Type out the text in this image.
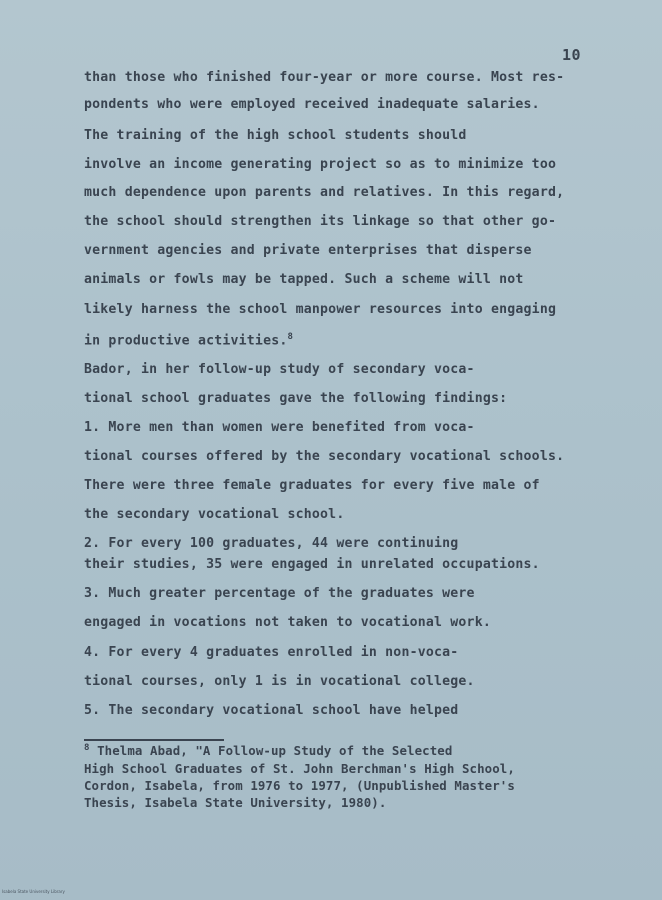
10
than those who finished four-year or more course. Most res-
pondents who were employed received inadequate salaries.
The training of the high school students should
involve an income generating project so as to minimize too
much dependence upon parents and relatives. In this regard,
the school should strengthen its linkage so that other go-
vernment agencies and private enterprises that disperse
animals or fowls may be tapped. Such a scheme will not
likely harness the school manpower resources into engaging
in productive activities.$^8$
Bador, in her follow-up study of secondary voca-
tional school graduates gave the following findings:
1. More men than women were benefited from voca-
tional courses offered by the secondary vocational schools.
There were three female graduates for every five male of
the secondary vocational school.
2. For every 100 graduates, 44 were continuing
their studies, 35 were engaged in unrelated occupations.
3. Much greater percentage of the graduates were
engaged in vocations not taken to vocational work.
4. For every 4 graduates enrolled in non-voca-
tional courses, only 1 is in vocational college.
5. The secondary vocational school have helped
$^8$ Thelma Abad, "A Follow-up Study of the Selected
High School Graduates of St. John Berchman's High School,
Cordon, Isabela, from 1976 to 1977, (Unpublished Master's
Thesis, Isabela State University, 1980).
Isabela State University Library
